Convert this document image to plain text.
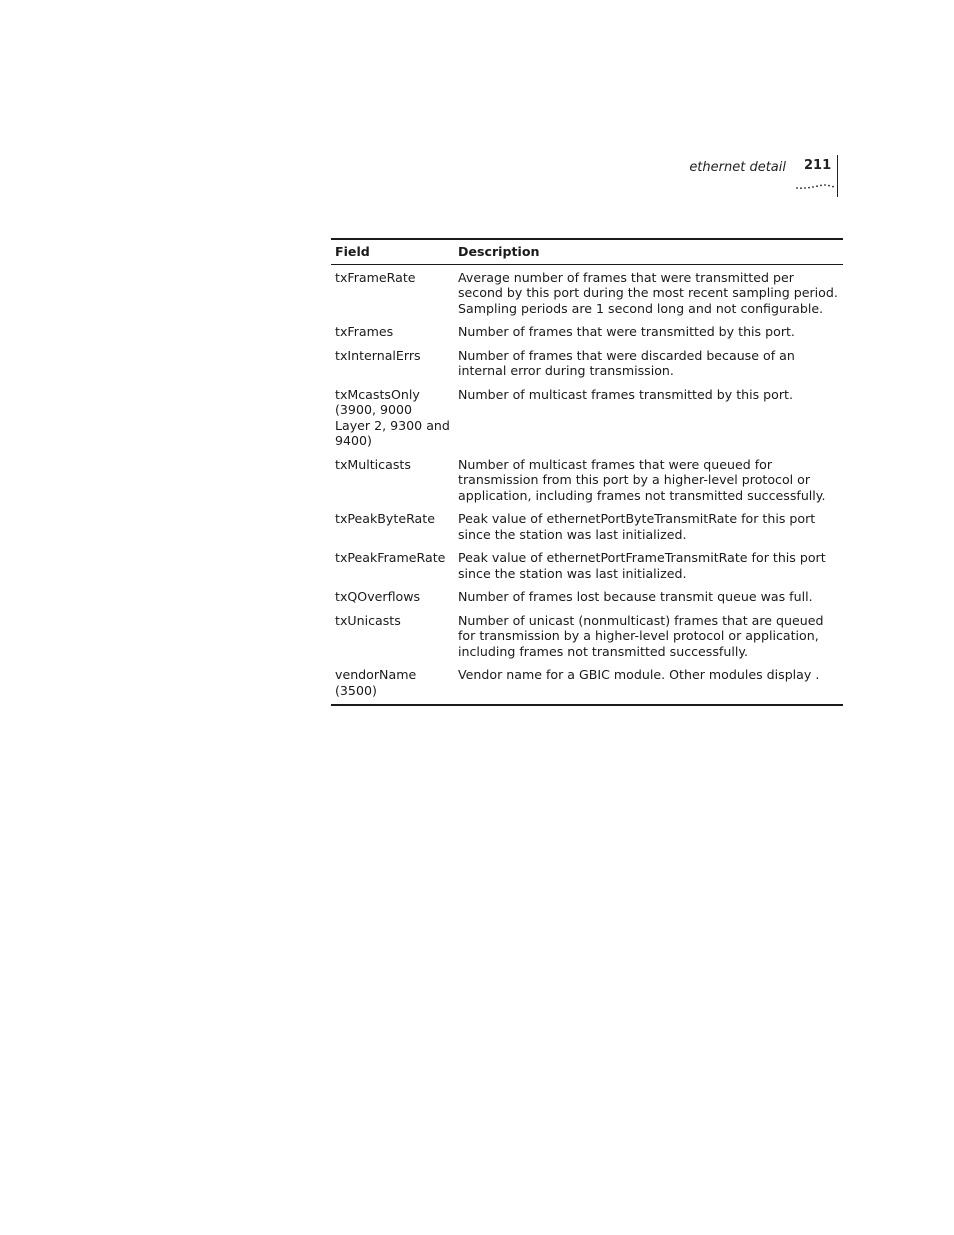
ethernet detail 211
Field	Description
txFrameRate	Average number of frames that were transmitted per second by this port during the most recent sampling period. Sampling periods are 1 second long and not configurable.
txFrames	Number of frames that were transmitted by this port.
txInternalErrs	Number of frames that were discarded because of an internal error during transmission.
txMcastsOnly (3900, 9000 Layer 2, 9300 and 9400)	Number of multicast frames transmitted by this port.
txMulticasts	Number of multicast frames that were queued for transmission from this port by a higher-level protocol or application, including frames not transmitted successfully.
txPeakByteRate	Peak value of ethernetPortByteTransmitRate for this port since the station was last initialized.
txPeakFrameRate	Peak value of ethernetPortFrameTransmitRate for this port since the station was last initialized.
txQOverflows	Number of frames lost because transmit queue was full.
txUnicasts	Number of unicast (nonmulticast) frames that are queued for transmission by a higher-level protocol or application, including frames not transmitted successfully.
vendorName (3500)	Vendor name for a GBIC module. Other modules display .
